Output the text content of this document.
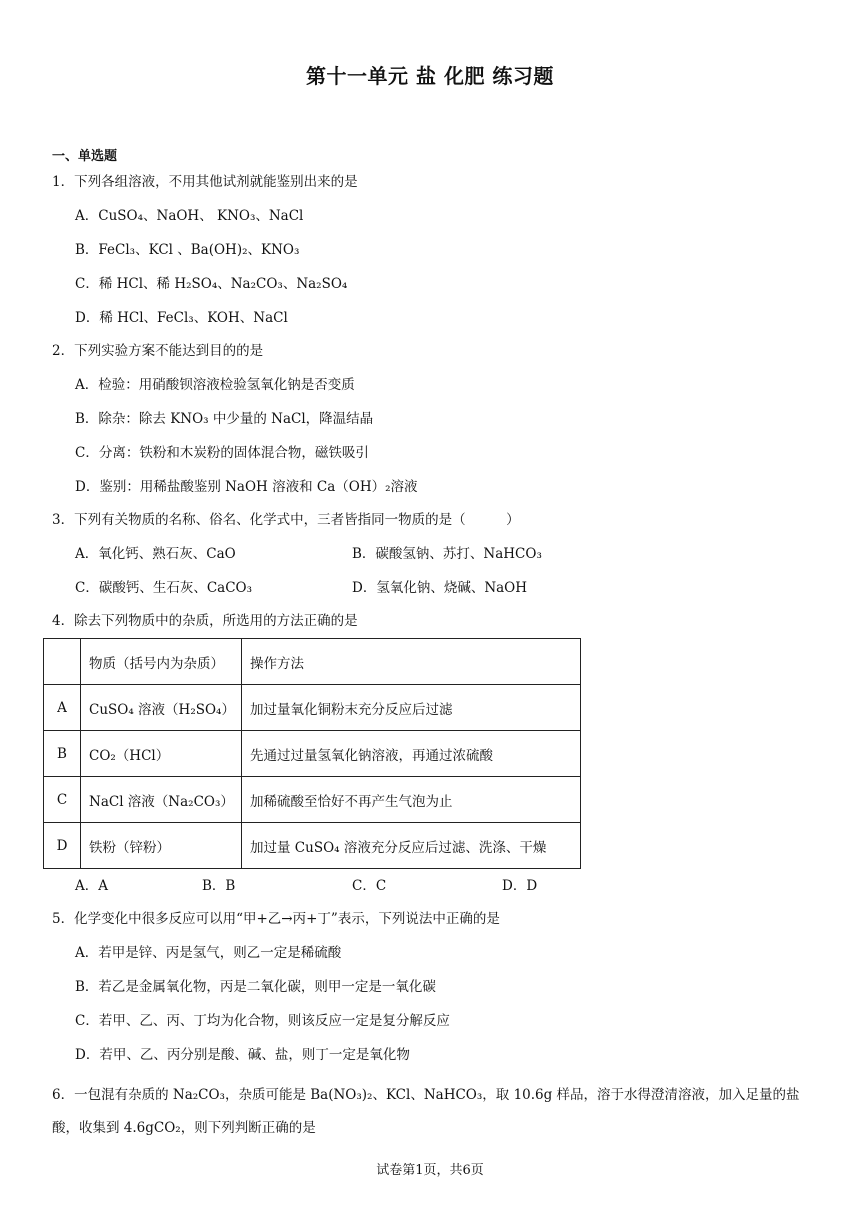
第十一单元 盐 化肥 练习题
一、单选题
1．下列各组溶液，不用其他试剂就能鉴别出来的是
A．CuSO₄、NaOH、 KNO₃、NaCl
B．FeCl₃、KCl 、Ba(OH)₂、KNO₃
C．稀 HCl、稀 H₂SO₄、Na₂CO₃、Na₂SO₄
D．稀 HCl、FeCl₃、KOH、NaCl
2．下列实验方案不能达到目的的是
A．检验：用硝酸钡溶液检验氢氧化钠是否变质
B．除杂：除去 KNO₃ 中少量的 NaCl，降温结晶
C．分离：铁粉和木炭粉的固体混合物，磁铁吸引
D．鉴别：用稀盐酸鉴别 NaOH 溶液和 Ca（OH）₂溶液
3．下列有关物质的名称、俗名、化学式中，三者皆指同一物质的是（　　　）
A．氧化钙、熟石灰、CaO	B．碳酸氢钠、苏打、NaHCO₃
C．碳酸钙、生石灰、CaCO₃	D．氢氧化钠、烧碱、NaOH
4．除去下列物质中的杂质，所选用的方法正确的是
	物质（括号内为杂质）	操作方法
A	CuSO₄ 溶液（H₂SO₄）	加过量氧化铜粉末充分反应后过滤
B	CO₂（HCl）	先通过过量氢氧化钠溶液，再通过浓硫酸
C	NaCl 溶液（Na₂CO₃）	加稀硫酸至恰好不再产生气泡为止
D	铁粉（锌粉）	加过量 CuSO₄ 溶液充分反应后过滤、洗涤、干燥
A．A	B．B	C．C	D．D
5．化学变化中很多反应可以用“甲+乙→丙+丁”表示，下列说法中正确的是
A．若甲是锌、丙是氢气，则乙一定是稀硫酸
B．若乙是金属氧化物，丙是二氧化碳，则甲一定是一氧化碳
C．若甲、乙、丙、丁均为化合物，则该反应一定是复分解反应
D．若甲、乙、丙分别是酸、碱、盐，则丁一定是氧化物
6．一包混有杂质的 Na₂CO₃，杂质可能是 Ba(NO₃)₂、KCl、NaHCO₃，取 10.6g 样品，溶于水得澄清溶液，加入足量的盐酸，收集到 4.6gCO₂，则下列判断正确的是
试卷第1页，共6页
